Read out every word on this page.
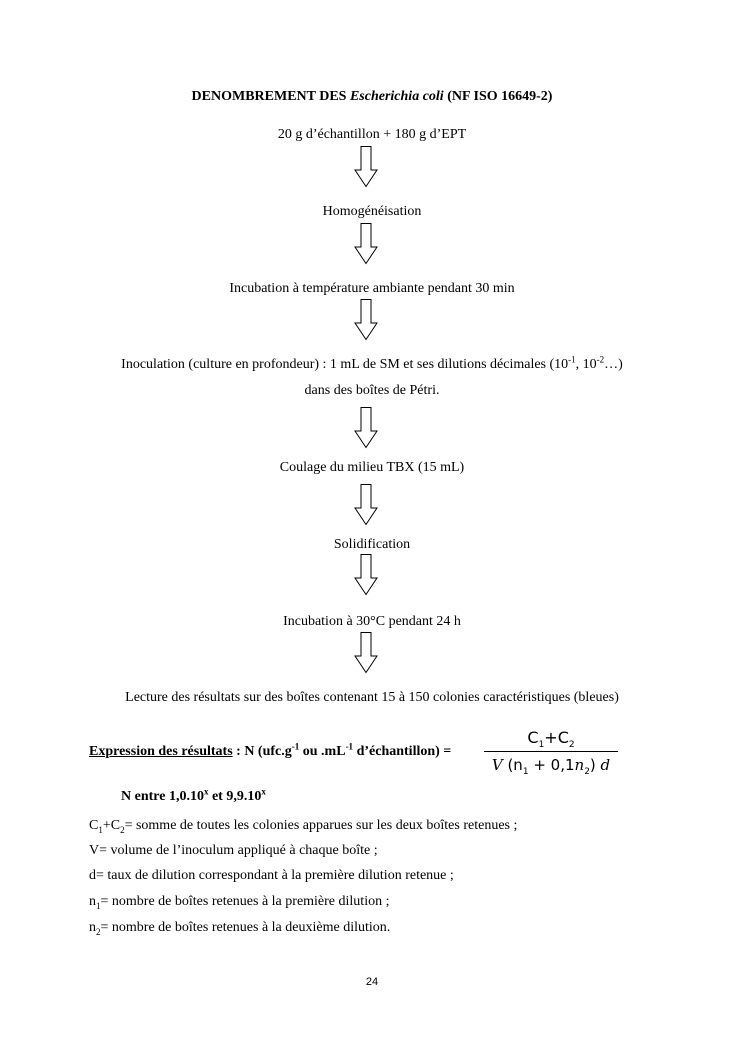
DENOMBREMENT DES Escherichia coli (NF ISO 16649-2)
20 g d’échantillon + 180 g d’EPT
Homogénéisation
Incubation à température ambiante pendant 30 min
Inoculation (culture en profondeur) : 1 mL de SM et ses dilutions décimales ($10^{-1}$, $10^{-2}\dots$)
dans des boîtes de Pétri.
Coulage du milieu TBX (15 mL)
Solidification
Incubation à 30°C pendant 24 h
Lecture des résultats sur des boîtes contenant 15 à 150 colonies caractéristiques (bleues)
Expression des résultats : N ($ufc.g^{-1}$ ou $.mL^{-1}$ d’échantillon) =
$C_1+C_2$
V $(n_1 + 0,1n_2)$ d
N entre 1,0.10$^x$ et 9,9.10$^x$
$C_1+C_2=$ somme de toutes les colonies apparues sur les deux boîtes retenues ;
V= volume de l’inoculum appliqué à chaque boîte ;
d= taux de dilution correspondant à la première dilution retenue ;
$n_1=$ nombre de boîtes retenues à la première dilution ;
$n_2=$ nombre de boîtes retenues à la deuxième dilution.
24
